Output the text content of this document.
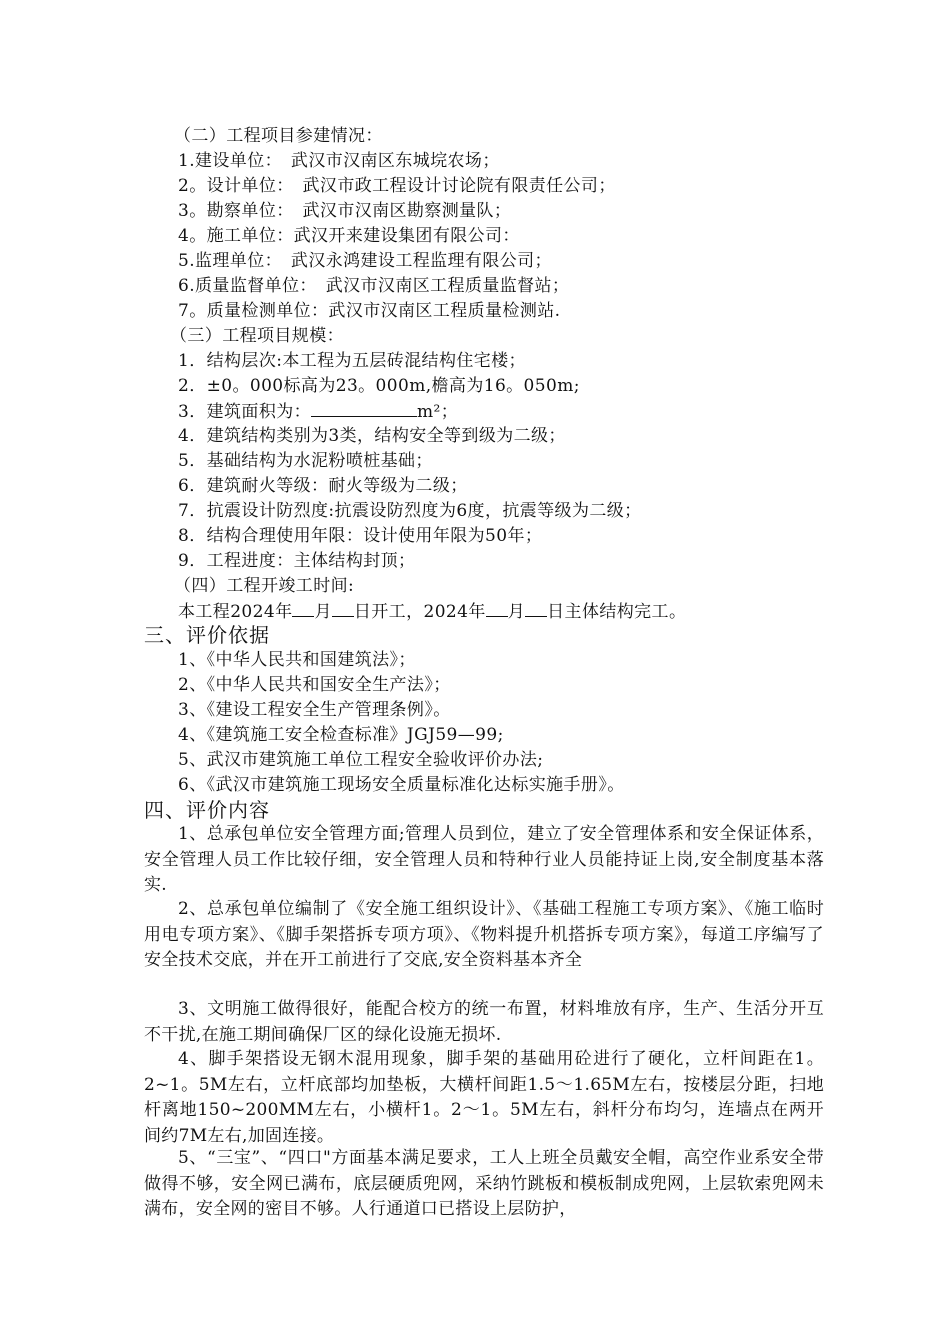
（二）工程项目参建情况：
1.建设单位：　武汉市汉南区东城垸农场；
2。设计单位：　武汉市政工程设计讨论院有限责任公司；
3。勘察单位：　武汉市汉南区勘察测量队；
4。施工单位：武汉开来建设集团有限公司：
5.监理单位：　武汉永鸿建设工程监理有限公司；
6.质量监督单位：　武汉市汉南区工程质量监督站；
7。质量检测单位：武汉市汉南区工程质量检测站.
（三）工程项目规模：
1．结构层次:本工程为五层砖混结构住宅楼；
2．±0。000标高为23。000m,檐高为16。050m;
3．建筑面积为：	m²；
4．建筑结构类别为3类，结构安全等到级为二级；
5．基础结构为水泥粉喷桩基础；
6．建筑耐火等级：耐火等级为二级；
7．抗震设计防烈度:抗震设防烈度为6度，抗震等级为二级；
8．结构合理使用年限：设计使用年限为50年；
9．工程进度：主体结构封顶；
（四）工程开竣工时间:
本工程2024年 月 日开工，2024年 月 日主体结构完工。
三、评价依据
1、《中华人民共和国建筑法》；
2、《中华人民共和国安全生产法》；
3、《建设工程安全生产管理条例》。
4、《建筑施工安全检查标准》JGJ59—99;
5、武汉市建筑施工单位工程安全验收评价办法;
6、《武汉市建筑施工现场安全质量标准化达标实施手册》。
四、评价内容
1、总承包单位安全管理方面;管理人员到位，建立了安全管理体系和安全保证体系，安全管理人员工作比较仔细，安全管理人员和特种行业人员能持证上岗,安全制度基本落实.
2、总承包单位编制了《安全施工组织设计》、《基础工程施工专项方案》、《施工临时用电专项方案》、《脚手架搭拆专项方项》、《物料提升机搭拆专项方案》，每道工序编写了安全技术交底，并在开工前进行了交底,安全资料基本齐全
3、文明施工做得很好，能配合校方的统一布置，材料堆放有序，生产、生活分开互不干扰,在施工期间确保厂区的绿化设施无损坏.
4、脚手架搭设无钢木混用现象，脚手架的基础用砼进行了硬化，立杆间距在1。2~1。5M左右，立杆底部均加垫板，大横杆间距1.5～1.65M左右，按楼层分距，扫地杆离地150~200MM左右，小横杆1。2～1。5M左右，斜杆分布均匀，连墙点在两开间约7M左右,加固连接。
5、“三宝”、“四口"方面基本满足要求，工人上班全员戴安全帽，高空作业系安全带做得不够，安全网已满布，底层硬质兜网，采纳竹跳板和模板制成兜网，上层软索兜网未满布，安全网的密目不够。人行通道口已搭设上层防护，
